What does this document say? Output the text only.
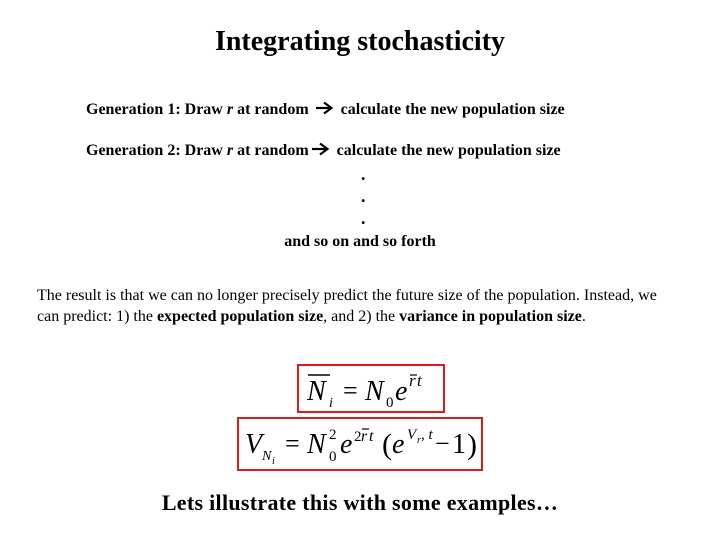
Integrating stochasticity
Generation 1: Draw r at random  calculate the new population size
Generation 2: Draw r at random calculate the new population size
.
.
.
and so on and so forth
The result is that we can no longer precisely predict the future size of the population. Instead, we can predict: 1) the expected population size, and 2) the variance in population size.
N i = N 0 e r t
V N i
= N 2
0 e 2 r t ( e V r , t − 1 )
Lets illustrate this with some examples…
